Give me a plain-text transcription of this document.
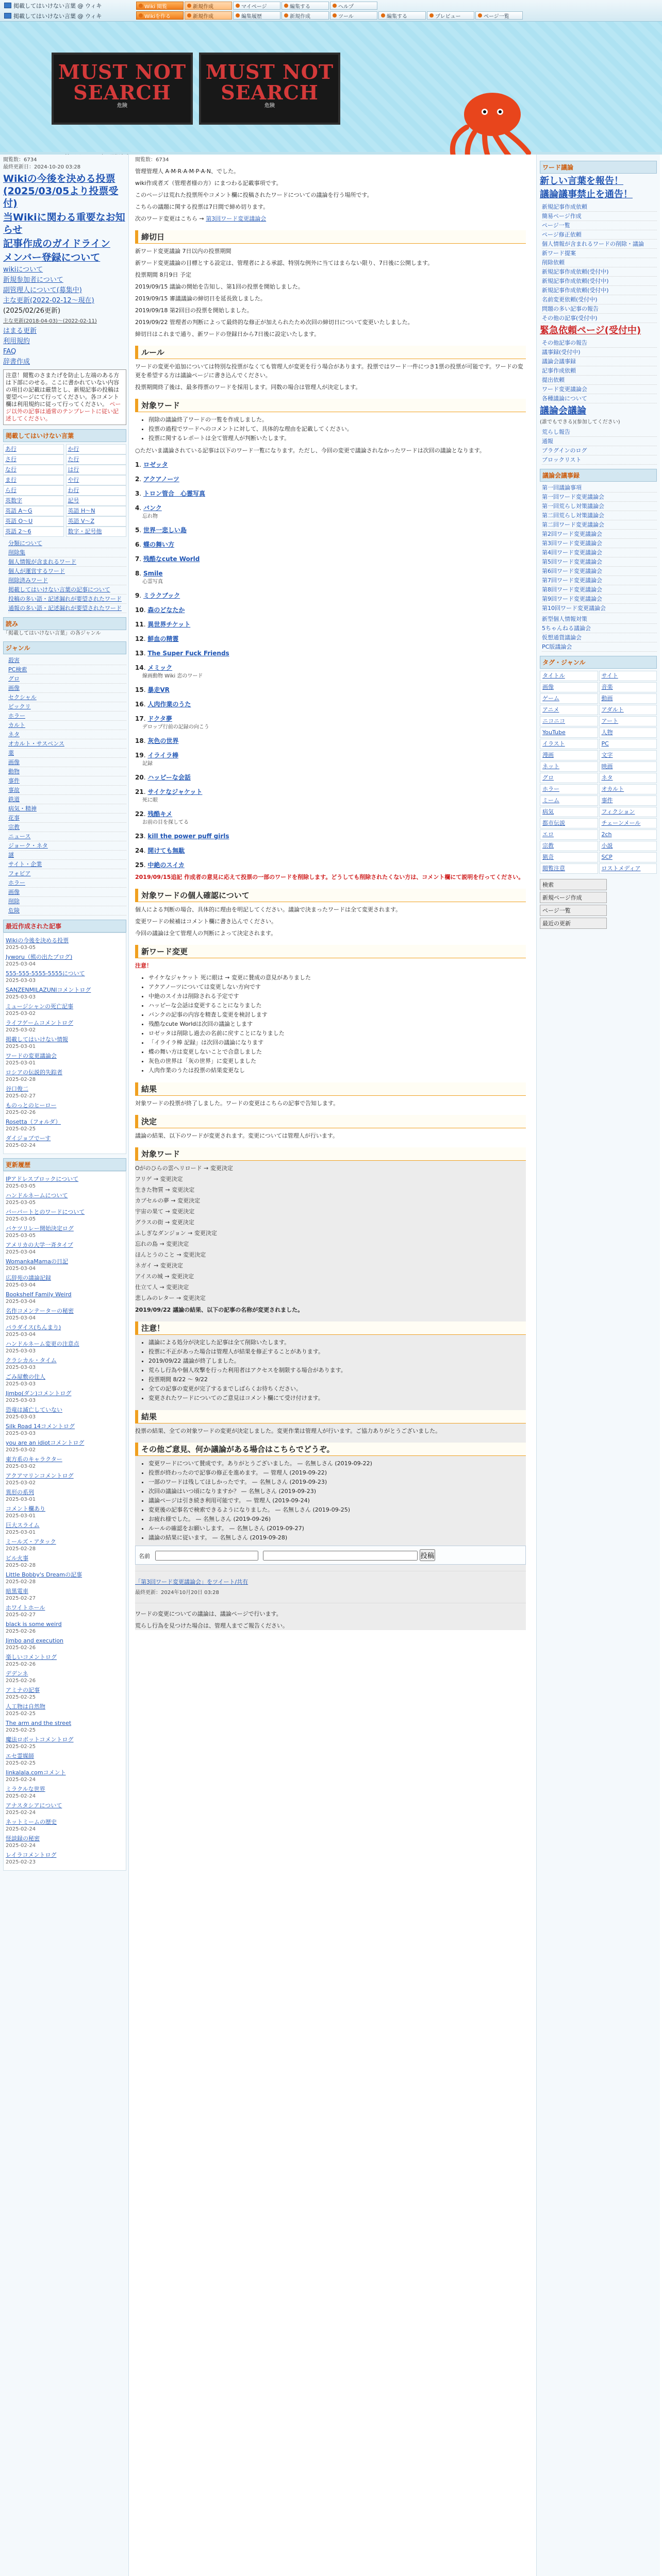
掲載してはいけない言葉 @ ウィキ
掲載してはいけない言葉 @ ウィキ
Wiki 閲覧	新規作成	マイページ	編集する	ヘルプ
Wikiを作る	新規作成	編集履歴	新規作成	ツール	編集する	プレビュー	ページ一覧
MUST NOT SEARCH
危険
MUST NOT SEARCH
危険
閲覧数：6734
最終更新日：2024-10-20 03:28
Wikiの今後を決める投票(2025/03/05より投票受付)
当Wikiに関わる重要なお知らせ
記事作成のガイドライン
メンバー登録について
wikiについて
新規参加者について
副管理人について(募集中)
主な更新(2022-02-12〜現在)
(2025/02/26更新)
主な更新(2018-04-03)〜(2022-02-11)
はまる更新
利用規約
FAQ
辞書作成
注意！閲覧のさまたげを防止し左端のある方は下部にのせる。ここに書かれていない内容の項目の記載は厳禁とし、新規記事の投稿は要望ページにて行ってください。各コメント欄は利用規約に従って行ってください。 ページ以外の記事は通常のテンプレートに従い記述してください。
掲載してはいけない言葉
あ行	か行
さ行	た行
な行	は行
ま行	や行
ら行	わ行
英数字	記号
英語 A〜G	英語 H〜N
英語 O〜U	英語 V〜Z
英語 2〜6	数字・記号他
分類について
削除集
個人情報が含まれるワード
個人が運営するワード
削除済みワード
掲載してはいけない言葉の記事について
投稿の多い語・記述漏れが要望されたワード
通報の多い語・記述漏れが要望されたワード
読み
「掲載してはいけない言葉」の各ジャンル
ジャンル
殺害
PC検索
グロ
画像
セクシャル
ピックリ
ホラー
カルト
ネタ
オカルト・サスペンス
薬
画像
動物
事件
事故
鉄道
病気・精神
花事
宗教
ニュース
ジョーク・ネタ
謎
サイト・企業
フォビア
ホラー
画像
削除
危険
最近作成された記事
Wikiの今後を決める投票
2025-03-05
Jyworu（熊の出たブログ)
2025-03-04
555-555-5555-5555について
2025-03-03
SANZENMILAZUNIコメントログ
2025-03-03
ミュージシャンの死亡記事
2025-03-02
ライフゲームコメントログ
2025-03-02
掲載してはいけない情報
2025-03-01
ワードの変更議論会
2025-03-01
ロシアの伝説的失踪者
2025-02-28
谷口俊二
2025-02-27
ものっとのヒーロー
2025-02-26
Rosetta（フォルダ）
2025-02-25
ダイジョブでーす
2025-02-24
更新履歴
IPアドレスブロックについて
2025-03-05
ハンドルネームについて
2025-03-05
バーバートとのワードについて
2025-03-05
バケツリレー開始決定ログ
2025-03-05
アメリカの大学一斉タイプ
2025-03-04
WomankaMamaの日記
2025-03-04
広辞苑の議論記録
2025-03-04
Bookshelf Family Weird
2025-03-04
名作コメンテーターの秘密
2025-03-04
パラダイス(ちんまり)
2025-03-04
ハンドルネーム変更の注意点
2025-03-03
クラシカル・タイム
2025-03-03
ごみ屋敷の住人
2025-03-03
Jimbo(ダン)コメントログ
2025-03-03
恐竜は滅亡していない
2025-03-03
Silk Road 14コメントログ
2025-03-03
you are an idiotコメントログ
2025-03-02
東方系のキャラクター
2025-03-02
アクアマリンコメントログ
2025-03-02
異形の系列
2025-03-01
コメント欄あり
2025-03-01
巨大スライム
2025-03-01
ミールズ・アタック
2025-02-28
ビル火事
2025-02-28
Little Bobby's Dreamの記事
2025-02-28
暗黒電車
2025-02-27
ホワイトホール
2025-02-27
black is some weird
2025-02-26
Jimbo and execution
2025-02-26
楽しいコメントログ
2025-02-26
デデンネ
2025-02-26
アミナの記事
2025-02-25
人工物は自然物
2025-02-25
The arm and the street
2025-02-25
魔法ロボットコメントログ
2025-02-25
エセ霊媒師
2025-02-25
linkalala.comコメント
2025-02-24
ミラクルな世界
2025-02-24
アナスタシアについて
2025-02-24
ネットミームの歴史
2025-02-24
怪談録の秘密
2025-02-24
レイラコメントログ
2025-02-23
閲覧数：6734
管理管理人 A·M·R·A·M·P·A·N、でした。
wiki作成者ズ（管理者様の方）にまつわる記載事項です。
このページは荒れた投票所やコメント欄に投稿されたワードについての議論を行う場所です。
こちらの議題に関する投票は7日間で締め切ります。
次のワード変更はこちら → 第3回ワード変更議論会
締切日
新ワード変更議論 7日以内の投票期間
新ワード変更議論の目標とする設定は、管理者による承認、特別な例外に当てはまらない限り、7日後に公開します。
投票期間 8月9日 予定
2019/09/15 議論の開始を告知し、第1回の投票を開始しました。
2019/09/15 審議議論の締切日を延長致しました。
2019/09/18 第2回目の投票を開始しました。
2019/09/22 管理者の判断によって最終的な修正が加えられたため次回の締切日について変更いたしました。
締切日はこれまで通り、新ワードの登録日から7日後に設定いたします。
ルール
ワードの変更や追加については特別な投票がなくても管理人が変更を行う場合があります。投票ではワード一件につき1票の投票が可能です。ワードの変更を希望する方は議論ページに書き込んでください。
投票期間終了後は、最多得票のワードを採用します。同数の場合は管理人が決定します。
対象ワード
• 削除の議論終了ワードの一覧を作成しました。
• 投票の過程でワードへのコメントに対して、具体的な理由を記載してください。
• 投票に関するレポートは全て管理人が判断いたします。
○ただいま議論されている記事は以下のワード一覧になります。ただし、今回の変更で議論されなかったワードは次回の議論となります。
1. ロゼッタ
2. アクアノーツ
3. トロン管合　心霊写真
4. バンク
忘れ物
5. 世界一悲しい島
6. 蝶の舞い方
7. 残酷なcute World
8. Smile
心霊写真
9. ミラクブック
10. 森のどなたか
11. 異世界チケット
12. 鮮血の精霊
13. The Super Fuck Friends
14. メミック
線画動物 Wiki 恋のワード
15. 暴走VR
16. 人肉作業のうた
17. ドクタ夢
デロップ行前の記録の向こう
18. 灰色の世界
19. イライラ棒
記録
20. ハッピーな会話
21. サイケなジャケット
死に眼
22. 残酷キメ
お前の目を探してる
23. kill the power puff girls
24. 開けても無駄
25. 中絶のスイカ
2019/09/15追記 作成者の意見に応えて投票の一部のワードを削除します。どうしても削除されたくない方は、コメント欄にて説明を行ってください。
対象ワードの個人確認について
個人による判断の場合、具体的に理由を明記してください。議論で決まったワードは全て変更されます。
変更ワードの候補はコメント欄に書き込んでください。
今回の議論は全て管理人の判断によって決定されます。
新ワード変更
注意！
• サイケなジャケット 死に眼は → 変更に賛成の意見がありました
• アクアノーツについては変更しない方向です
• 中絶のスイカは削除される予定です
• ハッピーな会話は変更することになりました
• バンクの記事の内容を精査し変更を検討します
• 残酷なcute Worldは次回の議論とします
• ロゼッタは削除し過去の名前に戻すことになりました
• 「イライラ棒 記録」は次回の議論になります
• 蝶の舞い方は変更しないことで合意しました
• 灰色の世界は「灰の世界」に変更しました
• 人肉作業のうたは投票の結果変更なし
結果
対象ワードの投票が終了しました。ワードの変更はこちらの記事で告知します。
決定
議論の結果、以下のワードが変更されます。変更については管理人が行います。
対象ワード
Oがのひらの雲へリロード → 変更決定
フリゲ → 変更決定
生きた物質 → 変更決定
カプセルの夢 → 変更決定
宇宙の果て → 変更決定
グラスの街 → 変更決定
ふしぎなダンジョン → 変更決定
忘れの島 → 変更決定
ほんとうのこと → 変更決定
ネガイ → 変更決定
アイスの城 → 変更決定
仕立て人 → 変更決定
悲しみのレター → 変更決定
2019/09/22 議論の結果、以下の記事の名称が変更されました。
注意！
• 議論による処分が決定した記事は全て削除いたします。
• 投票に不正があった場合は管理人が結果を修正することがあります。
• 2019/09/22 議論が終了しました。
• 荒らし行為や個人攻撃を行った利用者はアクセスを制限する場合があります。
• 投票期間 8/22 〜 9/22
• 全ての記事の変更が完了するまでしばらくお待ちください。
• 変更されたワードについてのご意見はコメント欄にて受け付けます。
結果
投票の結果、全ての対象ワードの変更が決定しました。変更作業は管理人が行います。ご協力ありがとうございました。
その他ご意見、何か議論がある場合はこちらでどうぞ。
• 変更ワードについて賛成です。ありがとうございました。 — 名無しさん (2019-09-22)
• 投票が終わったので記事の修正を進めます。 — 管理人 (2019-09-22)
• 一部のワードは残してほしかったです。 — 名無しさん (2019-09-23)
• 次回の議論はいつ頃になりますか？ — 名無しさん (2019-09-23)
• 議論ページは引き続き利用可能です。 — 管理人 (2019-09-24)
• 変更後の記事名で検索できるようになりました。 — 名無しさん (2019-09-25)
• お疲れ様でした。 — 名無しさん (2019-09-26)
• ルールの確認をお願いします。 — 名無しさん (2019-09-27)
• 議論の結果に従います。 — 名無しさん (2019-09-28)
名前	投稿
「第3回ワード変更議論会」をツイート/共有
最終更新：2024年10月20日 03:28
ワードの変更についての議論は、議論ページで行います。
荒らし行為を見つけた場合は、管理人までご報告ください。
ワード議論
新しい言葉を報告！
議論議事禁止を通告！
新規記事作成依頼
簡易ページ作成
ページ一覧
ページ修正依頼
個人情報が含まれるワードの削除・議論
新ワード提案
削除依頼
新規記事作成依頼(受付中)
新規記事作成依頼(受付中)
新規記事作成依頼(受付中)
名前変更依頼(受付中)
問題の多い記事の報告
その他の記事(受付中)
緊急依頼ページ(受付中)
その他記事の報告
議事録(受付中)
議論会議事録
記事作成依頼
提出依頼
ワード変更議論会
各種議論について
議論会議論
(誰でもできる)(参加してください)
荒らし報告
通報
プラグインのログ
ブロックリスト
議論会議事録
第一回議論事項
第一回ワード変更議論会
第一回荒らし対策議論会
第二回荒らし対策議論会
第二回ワード変更議論会
第2回ワード変更議論会
第3回ワード変更議論会
第4回ワード変更議論会
第5回ワード変更議論会
第6回ワード変更議論会
第7回ワード変更議論会
第8回ワード変更議論会
第9回ワード変更議論会
第10回ワード変更議論会
新型個人情報対策
5ちゃんねる議論会
仮想通貨議論会
PC版議論会
タグ・ジャンル
タイトル	サイト
画像	音楽
ゲーム	動画
アニメ	アダルト
ニコニコ	アート
YouTube	人物
イラスト	PC
漫画	文字
ネット	映画
グロ	ネタ
ホラー	オカルト
ミーム	事件
病気	フィクション
都市伝説	チェーンメール
エロ	2ch
宗教	小説
猟奇	SCP
閲覧注意	ロストメディア
検索
新規ページ作成
ページ一覧
最近の更新
